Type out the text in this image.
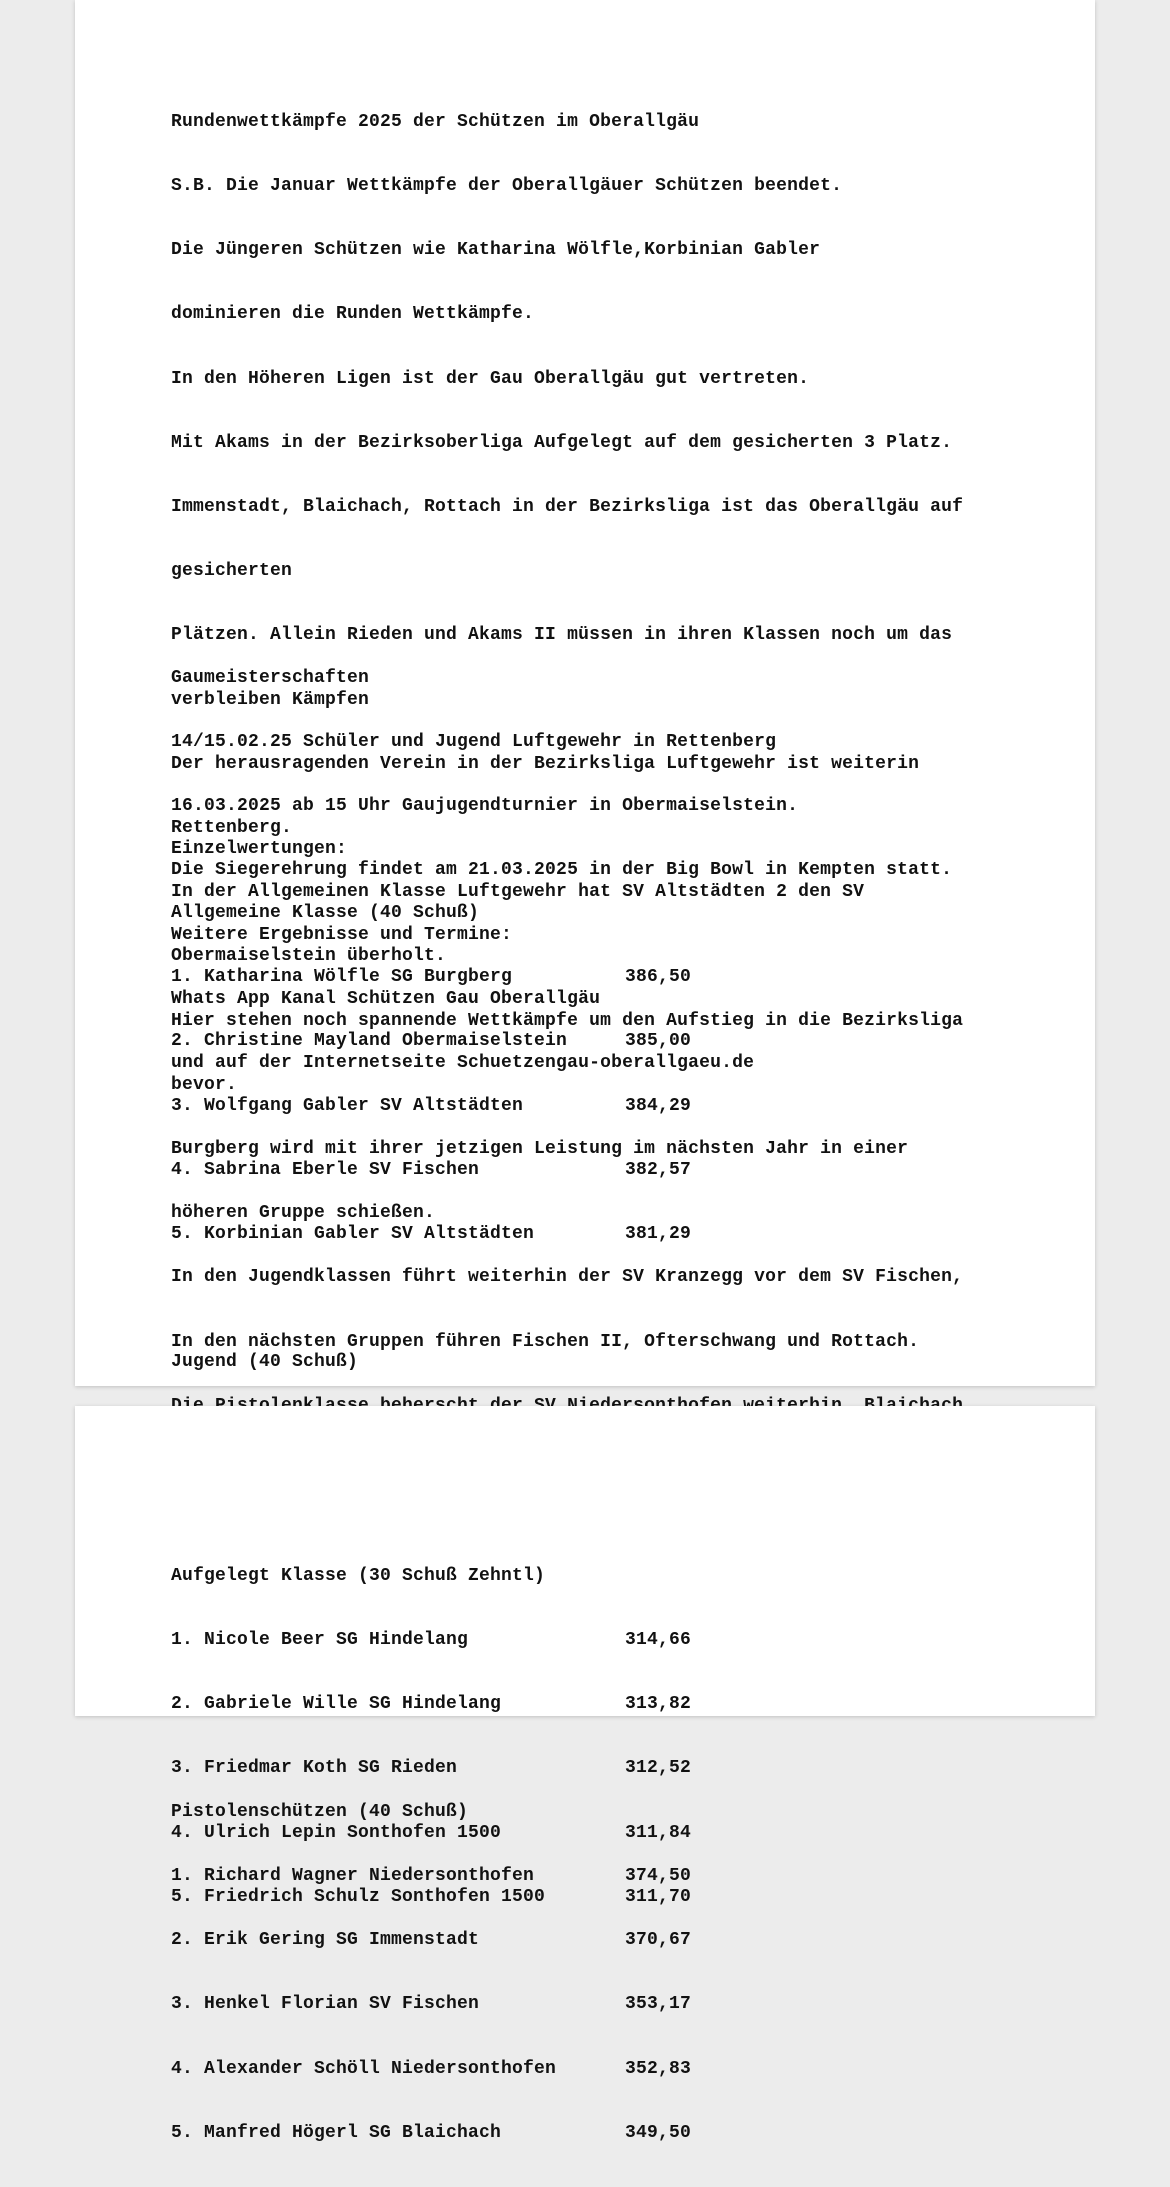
Rundenwettkämpfe 2025 der Schützen im Oberallgäu

S.B. Die Januar Wettkämpfe der Oberallgäuer Schützen beendet.

Die Jüngeren Schützen wie Katharina Wölfle,Korbinian Gabler

dominieren die Runden Wettkämpfe.

In den Höheren Ligen ist der Gau Oberallgäu gut vertreten.

Mit Akams in der Bezirksoberliga Aufgelegt auf dem gesicherten 3 Platz.

Immenstadt, Blaichach, Rottach in der Bezirksliga ist das Oberallgäu auf

gesicherten

Plätzen. Allein Rieden und Akams II müssen in ihren Klassen noch um das

verbleiben Kämpfen

Der herausragenden Verein in der Bezirksliga Luftgewehr ist weiterin

Rettenberg.

In der Allgemeinen Klasse Luftgewehr hat SV Altstädten 2 den SV

Obermaiselstein überholt.

Hier stehen noch spannende Wettkämpfe um den Aufstieg in die Bezirksliga

bevor.

Burgberg wird mit ihrer jetzigen Leistung im nächsten Jahr in einer

höheren Gruppe schießen.

In den Jugendklassen führt weiterhin der SV Kranzegg vor dem SV Fischen,

In den nächsten Gruppen führen Fischen II, Ofterschwang und Rottach.

Gaumeisterschaften

14/15.02.25 Schüler und Jugend Luftgewehr in Rettenberg

16.03.2025 ab 15 Uhr Gaujugendturnier in Obermaiselstein.

Die Siegerehrung findet am 21.03.2025 in der Big Bowl in Kempten statt.

Weitere Ergebnisse und Termine:

Whats App Kanal Schützen Gau Oberallgäu

und auf der Internetseite Schuetzengau-oberallgaeu.de

Einzelwertungen:

Allgemeine Klasse (40 Schuß)

1. Katharina Wölfle SG Burgberg	386,50

2. Christine Mayland Obermaiselstein	385,00

3. Wolfgang Gabler SV Altstädten	384,29

4. Sabrina Eberle SV Fischen	382,57

5. Korbinian Gabler SV Altstädten	381,29

Jugend (40 Schuß)

Pistolenschützen (40 Schuß)

1. Richard Wagner Niedersonthofen	374,50

2. Erik Gering SG Immenstadt	370,67

3. Henkel Florian SV Fischen	353,17

4. Alexander Schöll Niedersonthofen	352,83

5. Manfred Högerl SG Blaichach	349,50

Aufgelegt Klasse (30 Schuß Zehntl)

1. Nicole Beer SG Hindelang	314,66

2. Gabriele Wille SG Hindelang	313,82

3. Friedmar Koth SG Rieden	312,52

4. Ulrich Lepin Sonthofen 1500	311,84

5. Friedrich Schulz Sonthofen 1500	311,70
